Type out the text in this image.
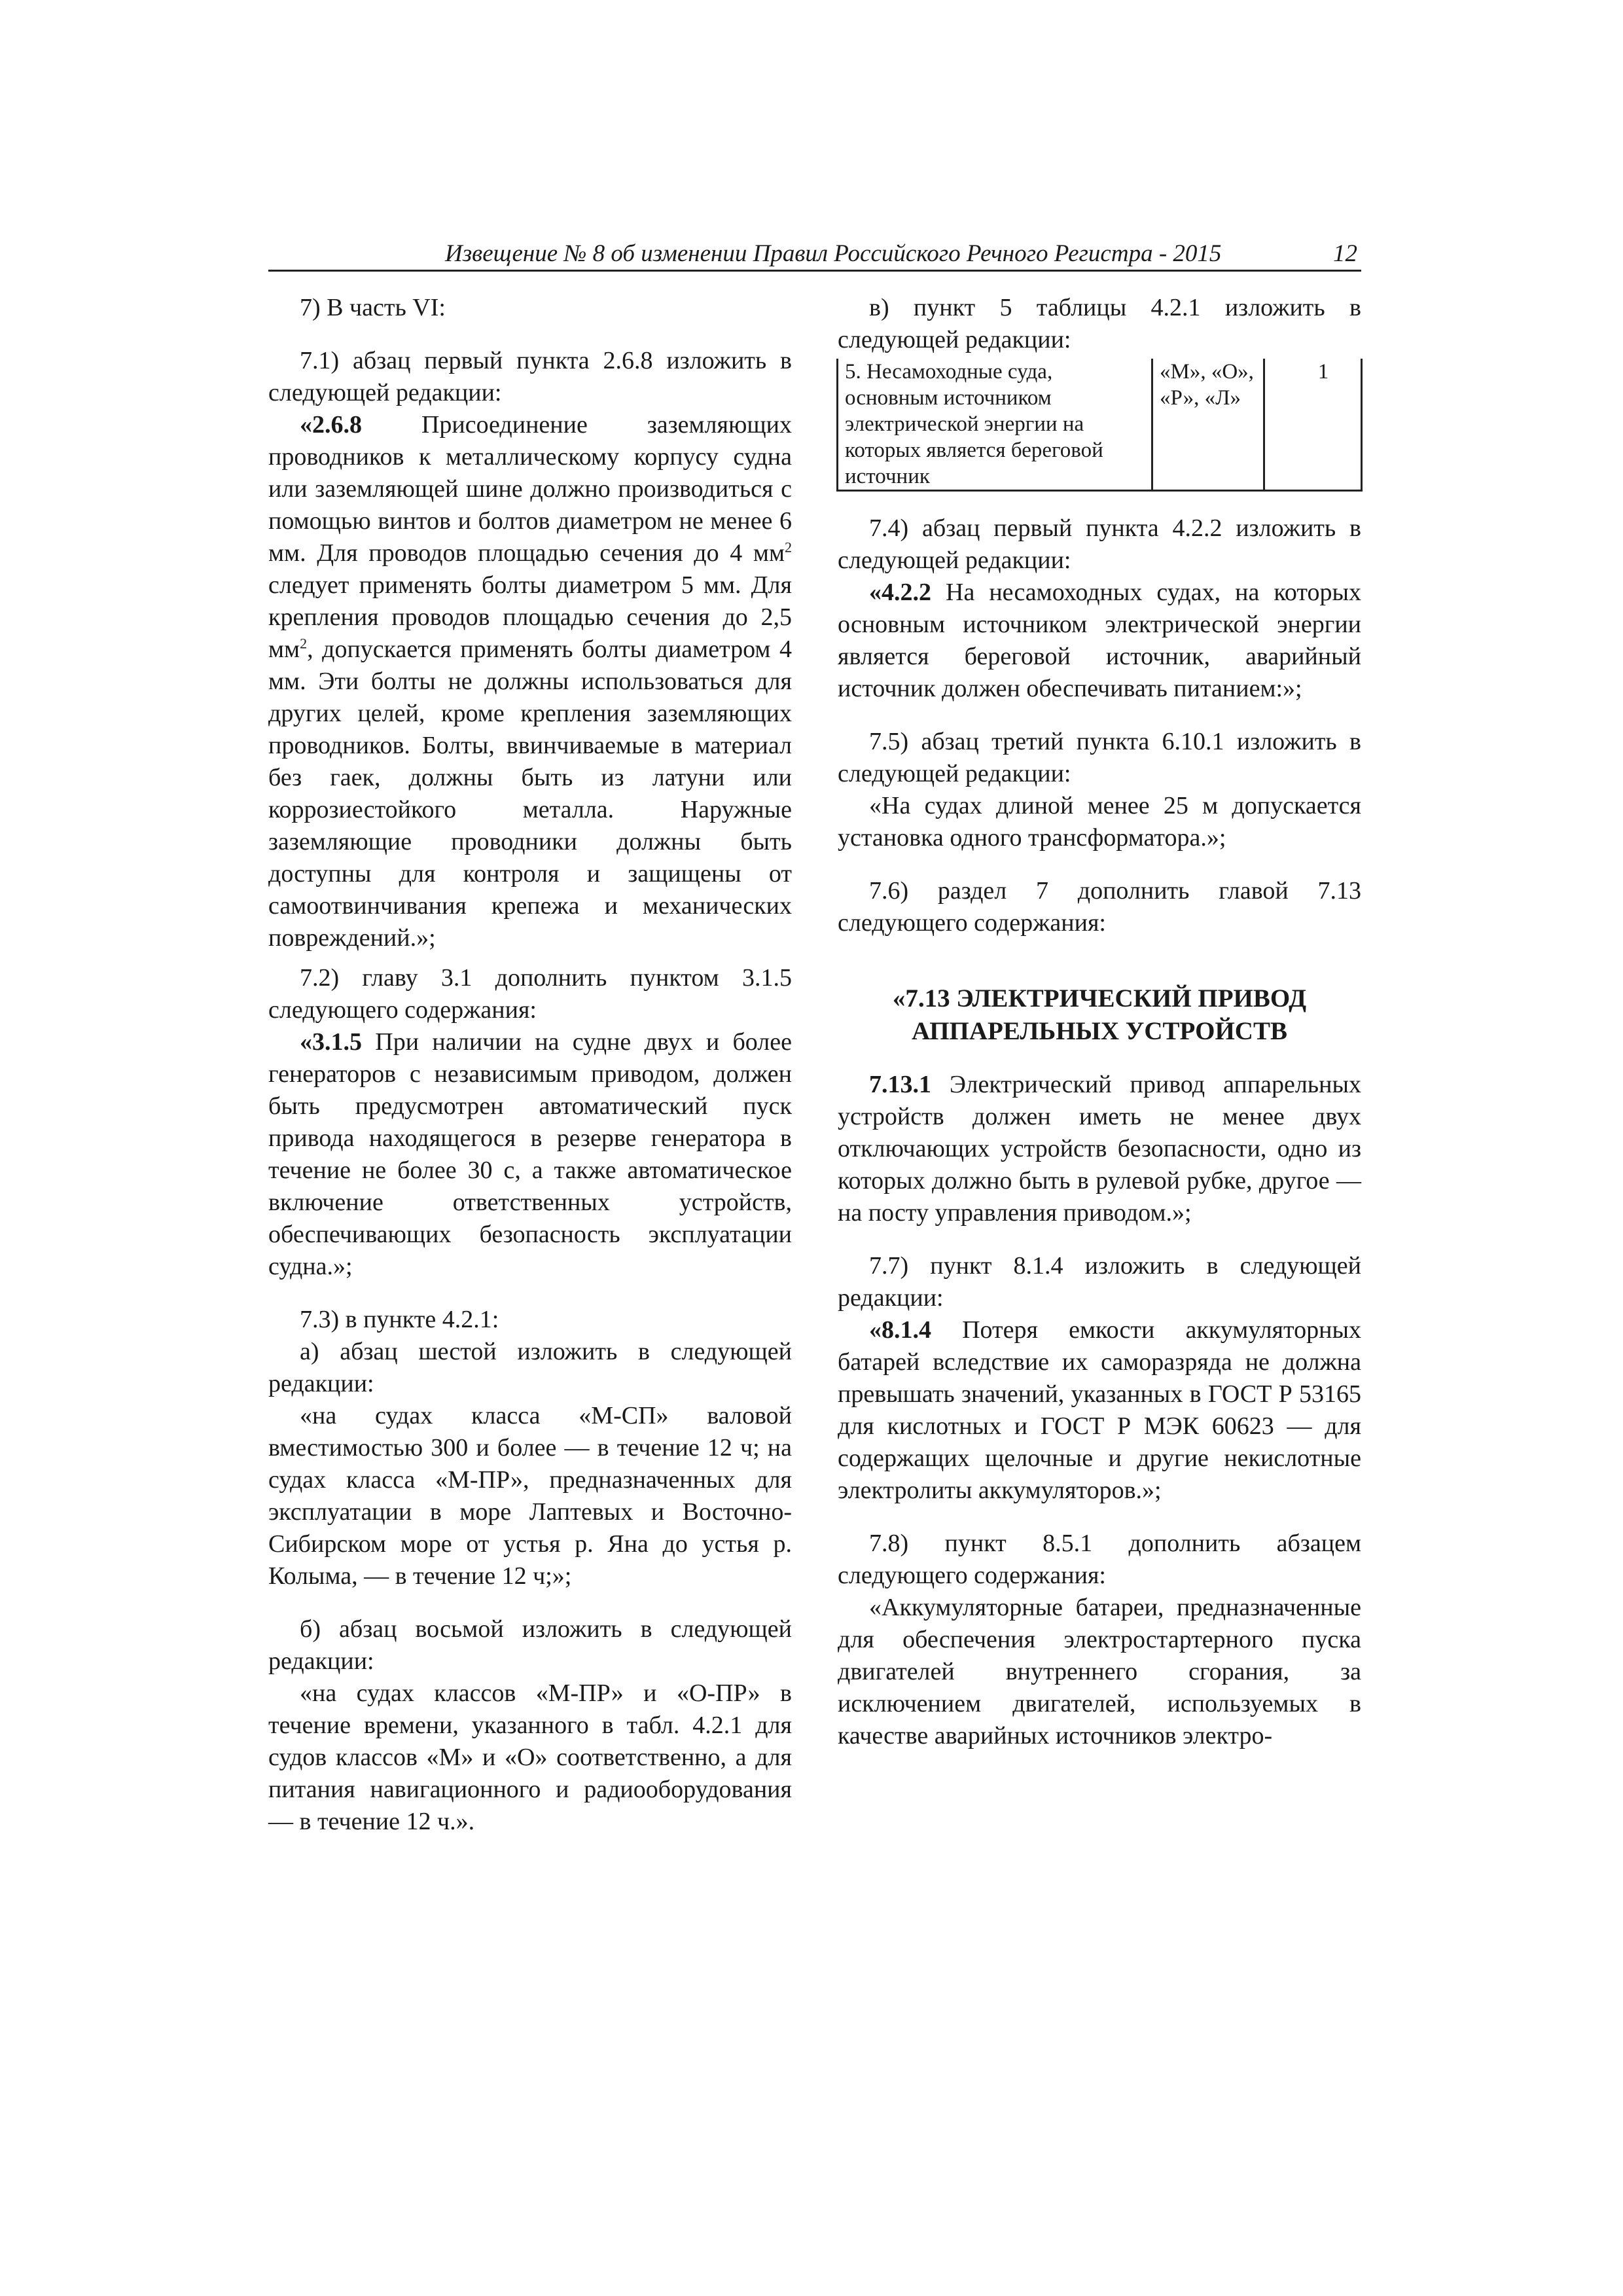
Извещение № 8 об изменении Правил Российского Речного Регистра - 2015	12

7) В часть VI:

7.1) абзац первый пункта 2.6.8 изложить в следующей редакции:

«2.6.8 Присоединение заземляющих проводников к металлическому корпусу судна или заземляющей шине должно производиться с помощью винтов и болтов диаметром не менее 6 мм. Для проводов площадью сечения до 4 $мм^2$ следует применять болты диаметром 5 мм. Для крепления проводов площадью сечения до 2,5 $мм^2$, допускается применять болты диаметром 4 мм. Эти болты не должны использоваться для других целей, кроме крепления заземляющих проводников. Болты, ввинчиваемые в материал без гаек, должны быть из латуни или коррозиестойкого металла. Наружные заземляющие проводники должны быть доступны для контроля и защищены от самоотвинчивания крепежа и механических повреждений.»;

7.2) главу 3.1 дополнить пунктом 3.1.5 следующего содержания:

«3.1.5 При наличии на судне двух и более генераторов с независимым приводом, должен быть предусмотрен автоматический пуск привода находящегося в резерве генератора в течение не более 30 с, а также автоматическое включение ответственных устройств, обеспечивающих безопасность эксплуатации судна.»;

7.3) в пункте 4.2.1:

а) абзац шестой изложить в следующей редакции:

«на судах класса «М-СП» валовой вместимостью 300 и более — в течение 12 ч; на судах класса «М-ПР», предназначенных для эксплуатации в море Лаптевых и Восточно-Сибирском море от устья р. Яна до устья р. Колыма, — в течение 12 ч;»;

б) абзац восьмой изложить в следующей редакции:

«на судах классов «М-ПР» и «О-ПР» в течение времени, указанного в табл. 4.2.1 для судов классов «М» и «О» соответственно, а для питания навигационного и радиооборудования — в течение 12 ч.».

в) пункт 5 таблицы 4.2.1 изложить в следующей редакции:

5. Несамоходные суда, основным источником электрической энергии на которых является береговой источник	«М», «О», «Р», «Л»	1

7.4) абзац первый пункта 4.2.2 изложить в следующей редакции:

«4.2.2 На несамоходных судах, на которых основным источником электрической энергии является береговой источник, аварийный источник должен обеспечивать питанием:»;

7.5) абзац третий пункта 6.10.1 изложить в следующей редакции:

«На судах длиной менее 25 м допускается установка одного трансформатора.»;

7.6) раздел 7 дополнить главой 7.13 следующего содержания:

«7.13 ЭЛЕКТРИЧЕСКИЙ ПРИВОД
АППАРЕЛЬНЫХ УСТРОЙСТВ

7.13.1 Электрический привод аппарельных устройств должен иметь не менее двух отключающих устройств безопасности, одно из которых должно быть в рулевой рубке, другое — на посту управления приводом.»;

7.7) пункт 8.1.4 изложить в следующей редакции:

«8.1.4 Потеря емкости аккумуляторных батарей вследствие их саморазряда не должна превышать значений, указанных в ГОСТ Р 53165 для кислотных и ГОСТ Р МЭК 60623 — для содержащих щелочные и другие некислотные электролиты аккумуляторов.»;

7.8) пункт 8.5.1 дополнить абзацем следующего содержания:

«Аккумуляторные батареи, предназначенные для обеспечения электростартерного пуска двигателей внутреннего сгорания, за исключением двигателей, используемых в качестве аварийных источников электро-
